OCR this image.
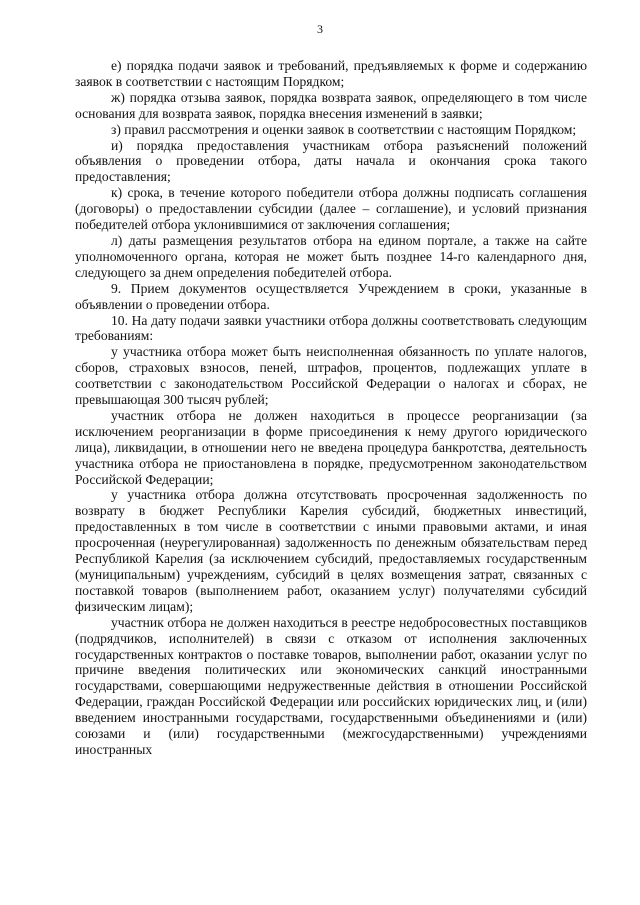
3

е) порядка подачи заявок и требований, предъявляемых к форме и содержанию заявок в соответствии с настоящим Порядком;

ж) порядка отзыва заявок, порядка возврата заявок, определяющего в том числе основания для возврата заявок, порядка внесения изменений в заявки;

з) правил рассмотрения и оценки заявок в соответствии с настоящим Порядком;

и) порядка предоставления участникам отбора разъяснений положений объявления о проведении отбора, даты начала и окончания срока такого предоставления;

к) срока, в течение которого победители отбора должны подписать соглашения (договоры) о предоставлении субсидии (далее – соглашение), и условий признания победителей отбора уклонившимися от заключения соглашения;

л) даты размещения результатов отбора на едином портале, а также на сайте уполномоченного органа, которая не может быть позднее 14-го календарного дня, следующего за днем определения победителей отбора.

9. Прием документов осуществляется Учреждением в сроки, указанные в объявлении о проведении отбора.

10. На дату подачи заявки участники отбора должны соответствовать следующим требованиям:

у участника отбора может быть неисполненная обязанность по уплате налогов, сборов, страховых взносов, пеней, штрафов, процентов, подлежащих уплате в соответствии с законодательством Российской Федерации о налогах и сборах, не превышающая 300 тысяч рублей;

участник отбора не должен находиться в процессе реорганизации (за исключением реорганизации в форме присоединения к нему другого юридического лица), ликвидации, в отношении него не введена процедура банкротства, деятельность участника отбора не приостановлена в порядке, предусмотренном законодательством Российской Федерации;

у участника отбора должна отсутствовать просроченная задолженность по возврату в бюджет Республики Карелия субсидий, бюджетных инвестиций, предоставленных в том числе в соответствии с иными правовыми актами, и иная просроченная (неурегулированная) задолженность по денежным обязательствам перед Республикой Карелия (за исключением субсидий, предоставляемых государственным (муниципальным) учреждениям, субсидий в целях возмещения затрат, связанных с поставкой товаров (выполнением работ, оказанием услуг) получателями субсидий физическим лицам);

участник отбора не должен находиться в реестре недобросовестных поставщиков (подрядчиков, исполнителей) в связи с отказом от исполнения заключенных государственных контрактов о поставке товаров, выполнении работ, оказании услуг по причине введения политических или экономических санкций иностранными государствами, совершающими недружественные действия в отношении Российской Федерации, граждан Российской Федерации или российских юридических лиц, и (или) введением иностранными государствами, государственными объединениями и (или) союзами и (или) государственными (межгосударственными) учреждениями иностранных
